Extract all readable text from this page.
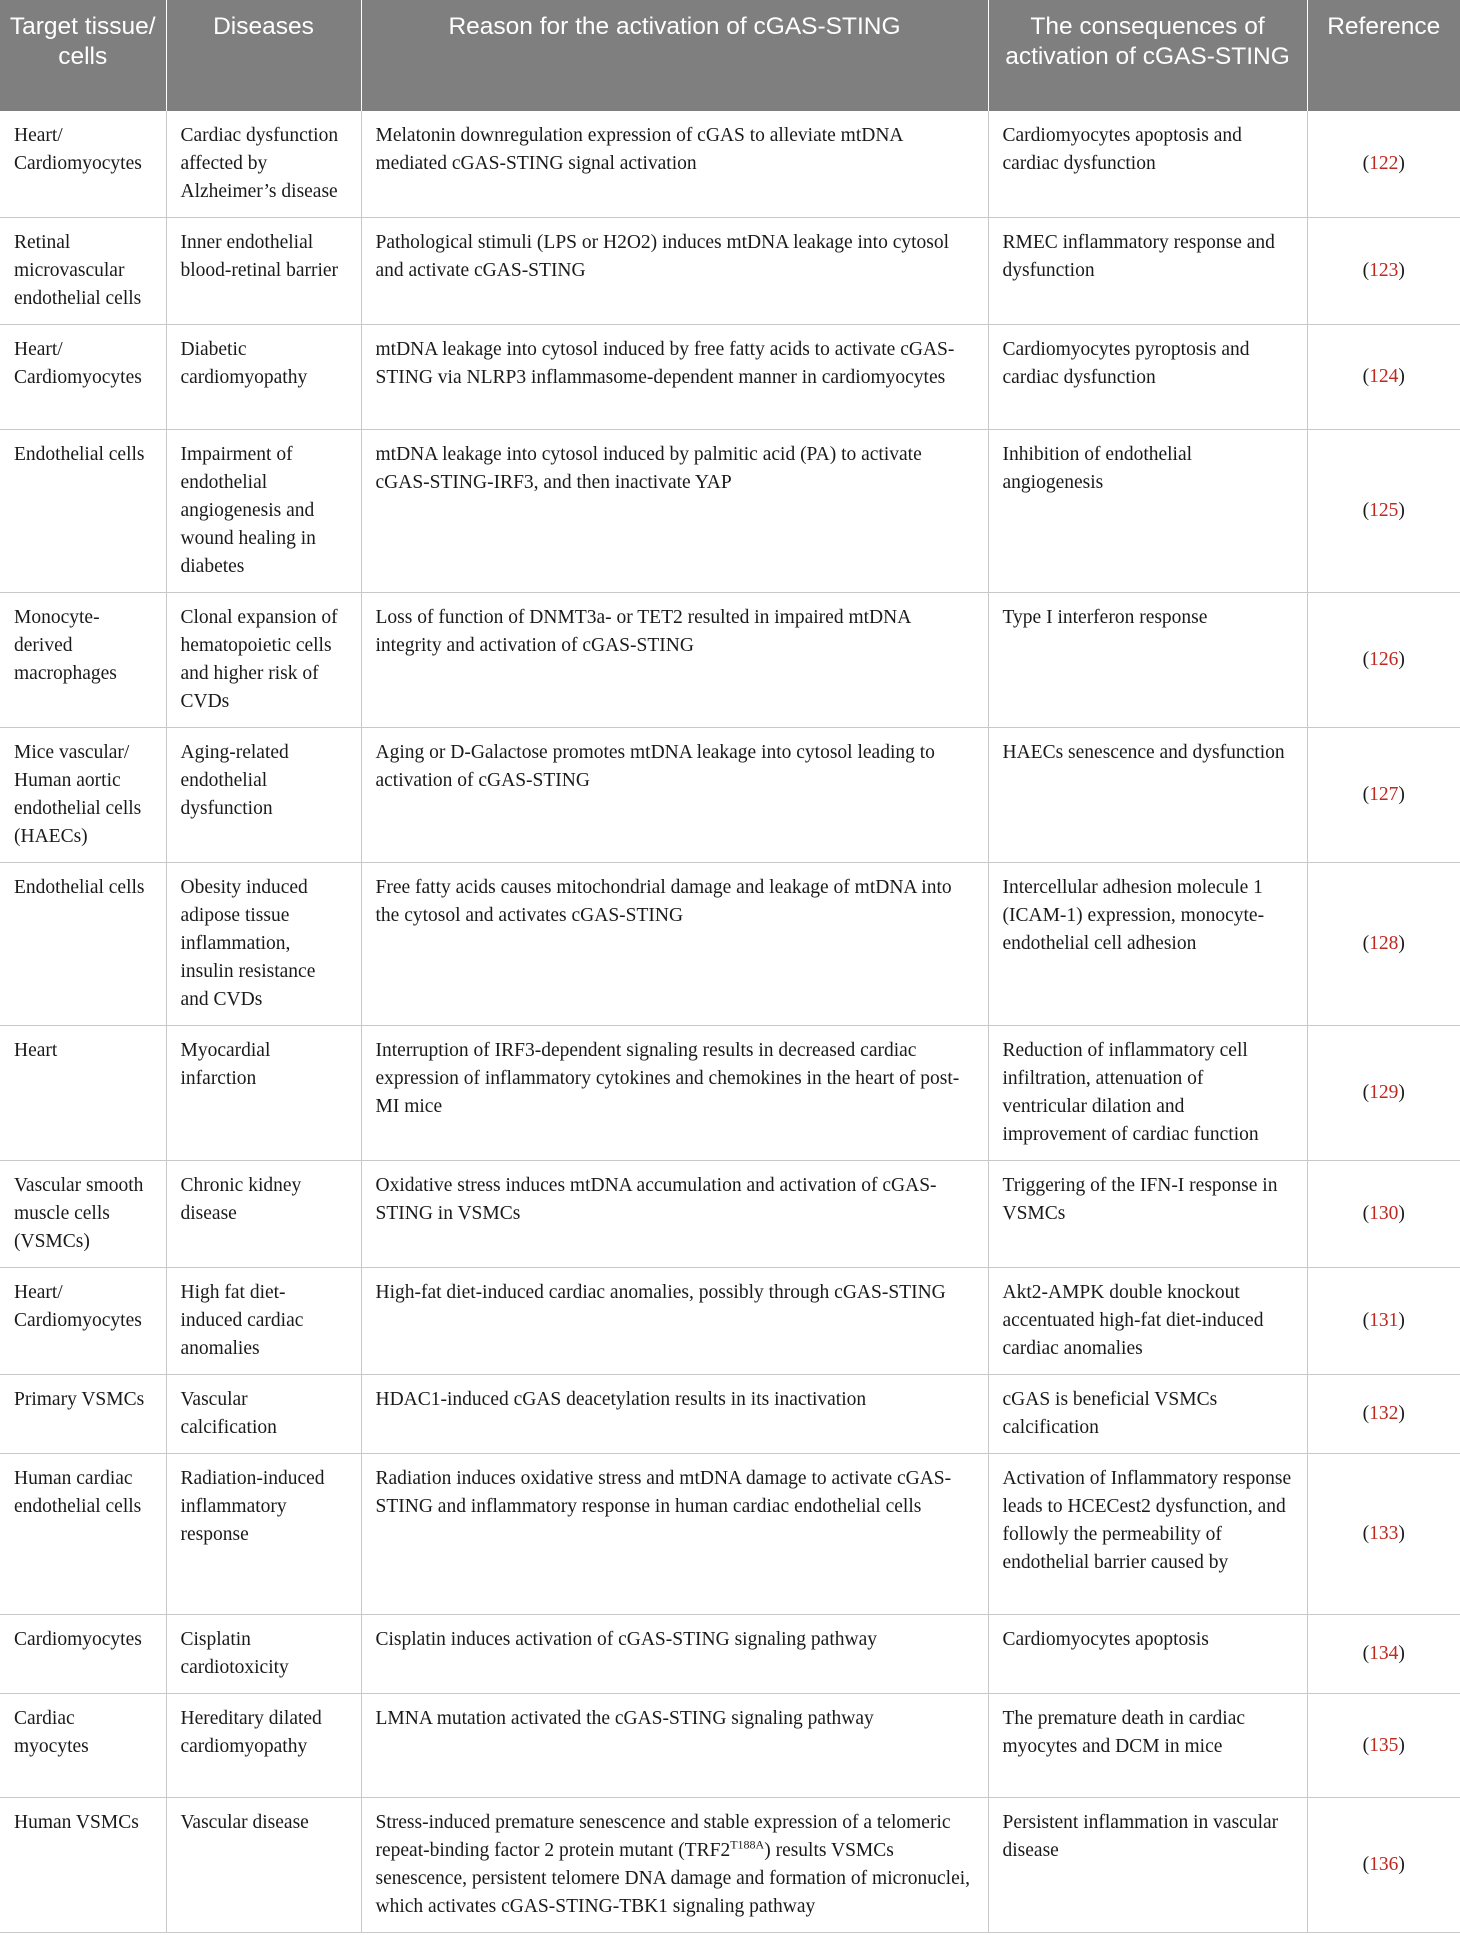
Target tissue/ cells	Diseases	Reason for the activation of cGAS-STING	The consequences of activation of cGAS-STING	Reference
Heart/ Cardiomyocytes	Cardiac dysfunction affected by Alzheimer’s disease	Melatonin downregulation expression of cGAS to alleviate mtDNA mediated cGAS-STING signal activation	Cardiomyocytes apoptosis and cardiac dysfunction	(122)
Retinal microvascular endothelial cells	Inner endothelial blood-retinal barrier	Pathological stimuli (LPS or H2O2) induces mtDNA leakage into cytosol and activate cGAS-STING	RMEC inflammatory response and dysfunction	(123)
Heart/ Cardiomyocytes	Diabetic cardiomyopathy	mtDNA leakage into cytosol induced by free fatty acids to activate cGAS-STING via NLRP3 inflammasome-dependent manner in cardiomyocytes	Cardiomyocytes pyroptosis and cardiac dysfunction	(124)
Endothelial cells	Impairment of endothelial angiogenesis and wound healing in diabetes	mtDNA leakage into cytosol induced by palmitic acid (PA) to activate cGAS-STING-IRF3, and then inactivate YAP	Inhibition of endothelial angiogenesis	(125)
Monocyte-derived macrophages	Clonal expansion of hematopoietic cells and higher risk of CVDs	Loss of function of DNMT3a- or TET2 resulted in impaired mtDNA integrity and activation of cGAS-STING	Type I interferon response	(126)
Mice vascular/ Human aortic endothelial cells (HAECs)	Aging-related endothelial dysfunction	Aging or D-Galactose promotes mtDNA leakage into cytosol leading to activation of cGAS-STING	HAECs senescence and dysfunction	(127)
Endothelial cells	Obesity induced adipose tissue inflammation, insulin resistance and CVDs	Free fatty acids causes mitochondrial damage and leakage of mtDNA into the cytosol and activates cGAS-STING	Intercellular adhesion molecule 1 (ICAM-1) expression, monocyte-endothelial cell adhesion	(128)
Heart	Myocardial infarction	Interruption of IRF3-dependent signaling results in decreased cardiac expression of inflammatory cytokines and chemokines in the heart of post-MI mice	Reduction of inflammatory cell infiltration, attenuation of ventricular dilation and improvement of cardiac function	(129)
Vascular smooth muscle cells (VSMCs)	Chronic kidney disease	Oxidative stress induces mtDNA accumulation and activation of cGAS-STING in VSMCs	Triggering of the IFN-I response in VSMCs	(130)
Heart/ Cardiomyocytes	High fat diet-induced cardiac anomalies	High-fat diet-induced cardiac anomalies, possibly through cGAS-STING	Akt2-AMPK double knockout accentuated high-fat diet-induced cardiac anomalies	(131)
Primary VSMCs	Vascular calcification	HDAC1-induced cGAS deacetylation results in its inactivation	cGAS is beneficial VSMCs calcification	(132)
Human cardiac endothelial cells	Radiation-induced inflammatory response	Radiation induces oxidative stress and mtDNA damage to activate cGAS-STING and inflammatory response in human cardiac endothelial cells	Activation of Inflammatory response leads to HCECest2 dysfunction, and followly the permeability of endothelial barrier caused by	(133)
Cardiomyocytes	Cisplatin cardiotoxicity	Cisplatin induces activation of cGAS-STING signaling pathway	Cardiomyocytes apoptosis	(134)
Cardiac myocytes	Hereditary dilated cardiomyopathy	LMNA mutation activated the cGAS-STING signaling pathway	The premature death in cardiac myocytes and DCM in mice	(135)
Human VSMCs	Vascular disease	Stress-induced premature senescence and stable expression of a telomeric repeat-binding factor 2 protein mutant $(TRF2^{T188A})$ results VSMCs senescence, persistent telomere DNA damage and formation of micronuclei, which activates cGAS-STING-TBK1 signaling pathway	Persistent inflammation in vascular disease	(136)
